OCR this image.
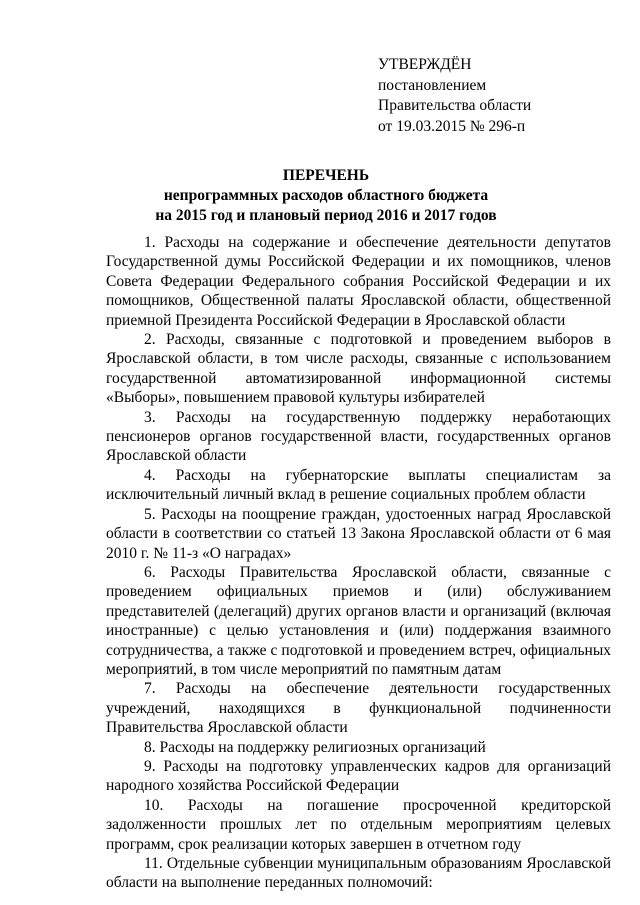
УТВЕРЖДЁН
постановлением
Правительства области
от 19.03.2015 № 296-п
ПЕРЕЧЕНЬ
непрограммных расходов областного бюджета
на 2015 год и плановый период 2016 и 2017 годов

1. Расходы на содержание и обеспечение деятельности депутатов Государственной думы Российской Федерации и их помощников, членов Совета Федерации Федерального собрания Российской Федерации и их помощников, Общественной палаты Ярославской области, общественной приемной Президента Российской Федерации в Ярославской области

2. Расходы, связанные с подготовкой и проведением выборов в Ярославской области, в том числе расходы, связанные с использованием государственной автоматизированной информационной системы «Выборы», повышением правовой культуры избирателей

3. Расходы на государственную поддержку неработающих пенсионеров органов государственной власти, государственных органов Ярославской области

4. Расходы на губернаторские выплаты специалистам за исключительный личный вклад в решение социальных проблем области

5. Расходы на поощрение граждан, удостоенных наград Ярославской области в соответствии со статьей 13 Закона Ярославской области от 6 мая 2010 г. № 11-з «О наградах»

6. Расходы Правительства Ярославской области, связанные с проведением официальных приемов и (или) обслуживанием представителей (делегаций) других органов власти и организаций (включая иностранные) с целью установления и (или) поддержания взаимного сотрудничества, а также с подготовкой и проведением встреч, официальных мероприятий, в том числе мероприятий по памятным датам

7. Расходы на обеспечение деятельности государственных учреждений, находящихся в функциональной подчиненности Правительства Ярославской области

8. Расходы на поддержку религиозных организаций

9. Расходы на подготовку управленческих кадров для организаций народного хозяйства Российской Федерации

10. Расходы на погашение просроченной кредиторской задолженности прошлых лет по отдельным мероприятиям целевых программ, срок реализации которых завершен в отчетном году

11. Отдельные субвенции муниципальным образованиям Ярославской области на выполнение переданных полномочий:
